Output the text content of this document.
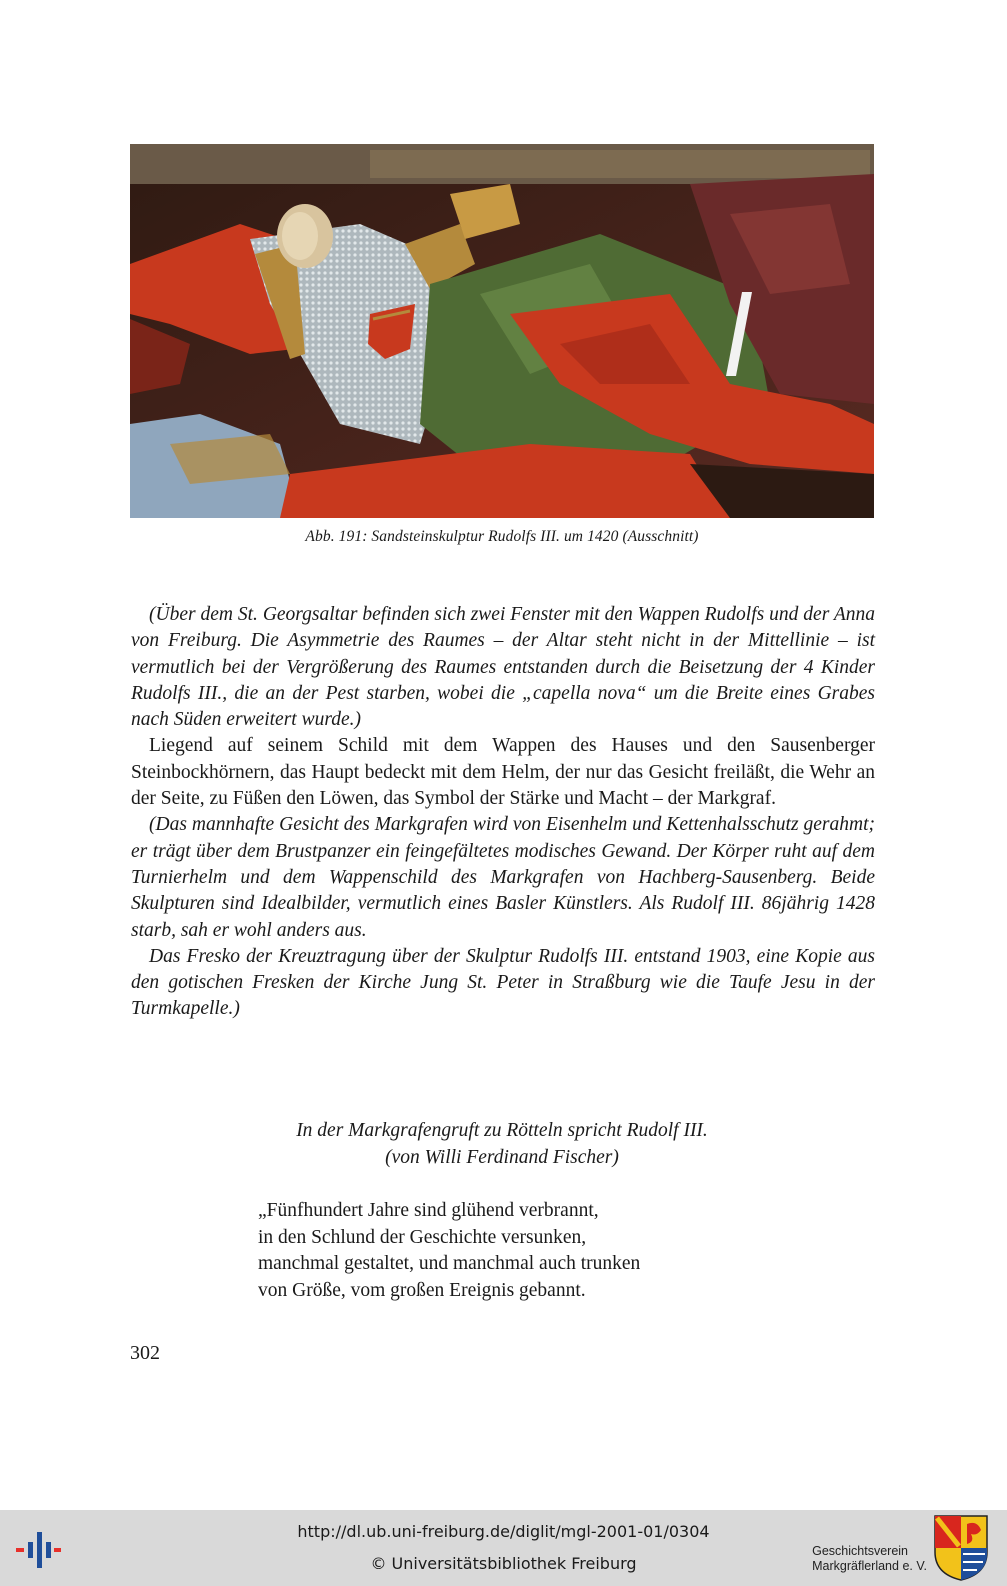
Abb. 191: Sandsteinskulptur Rudolfs III. um 1420 (Ausschnitt)

(Über dem St. Georgsaltar befinden sich zwei Fenster mit den Wappen Rudolfs und der Anna von Freiburg. Die Asymmetrie des Raumes – der Altar steht nicht in der Mittellinie – ist vermutlich bei der Vergrößerung des Raumes entstanden durch die Beisetzung der 4 Kinder Rudolfs III., die an der Pest starben, wobei die „capella nova“ um die Breite eines Grabes nach Süden erweitert wurde.)

Liegend auf seinem Schild mit dem Wappen des Hauses und den Sausenberger Steinbockhörnern, das Haupt bedeckt mit dem Helm, der nur das Gesicht freiläßt, die Wehr an der Seite, zu Füßen den Löwen, das Symbol der Stärke und Macht – der Markgraf.

(Das mannhafte Gesicht des Markgrafen wird von Eisenhelm und Kettenhalsschutz gerahmt; er trägt über dem Brustpanzer ein feingefältetes modisches Gewand. Der Körper ruht auf dem Turnierhelm und dem Wappenschild des Markgrafen von Hachberg-Sausenberg. Beide Skulpturen sind Idealbilder, vermutlich eines Basler Künstlers. Als Rudolf III. 86jährig 1428 starb, sah er wohl anders aus.

Das Fresko der Kreuztragung über der Skulptur Rudolfs III. entstand 1903, eine Kopie aus den gotischen Fresken der Kirche Jung St. Peter in Straßburg wie die Taufe Jesu in der Turmkapelle.)

In der Markgrafengruft zu Rötteln spricht Rudolf III.
(von Willi Ferdinand Fischer)
„Fünfhundert Jahre sind glühend verbrannt,
in den Schlund der Geschichte versunken,
manchmal gestaltet, und manchmal auch trunken
von Größe, vom großen Ereignis gebannt.
302
http://dl.ub.uni-freiburg.de/diglit/mgl-2001-01/0304
© Universitätsbibliothek Freiburg
Geschichtsverein
Markgräflerland e. V.
